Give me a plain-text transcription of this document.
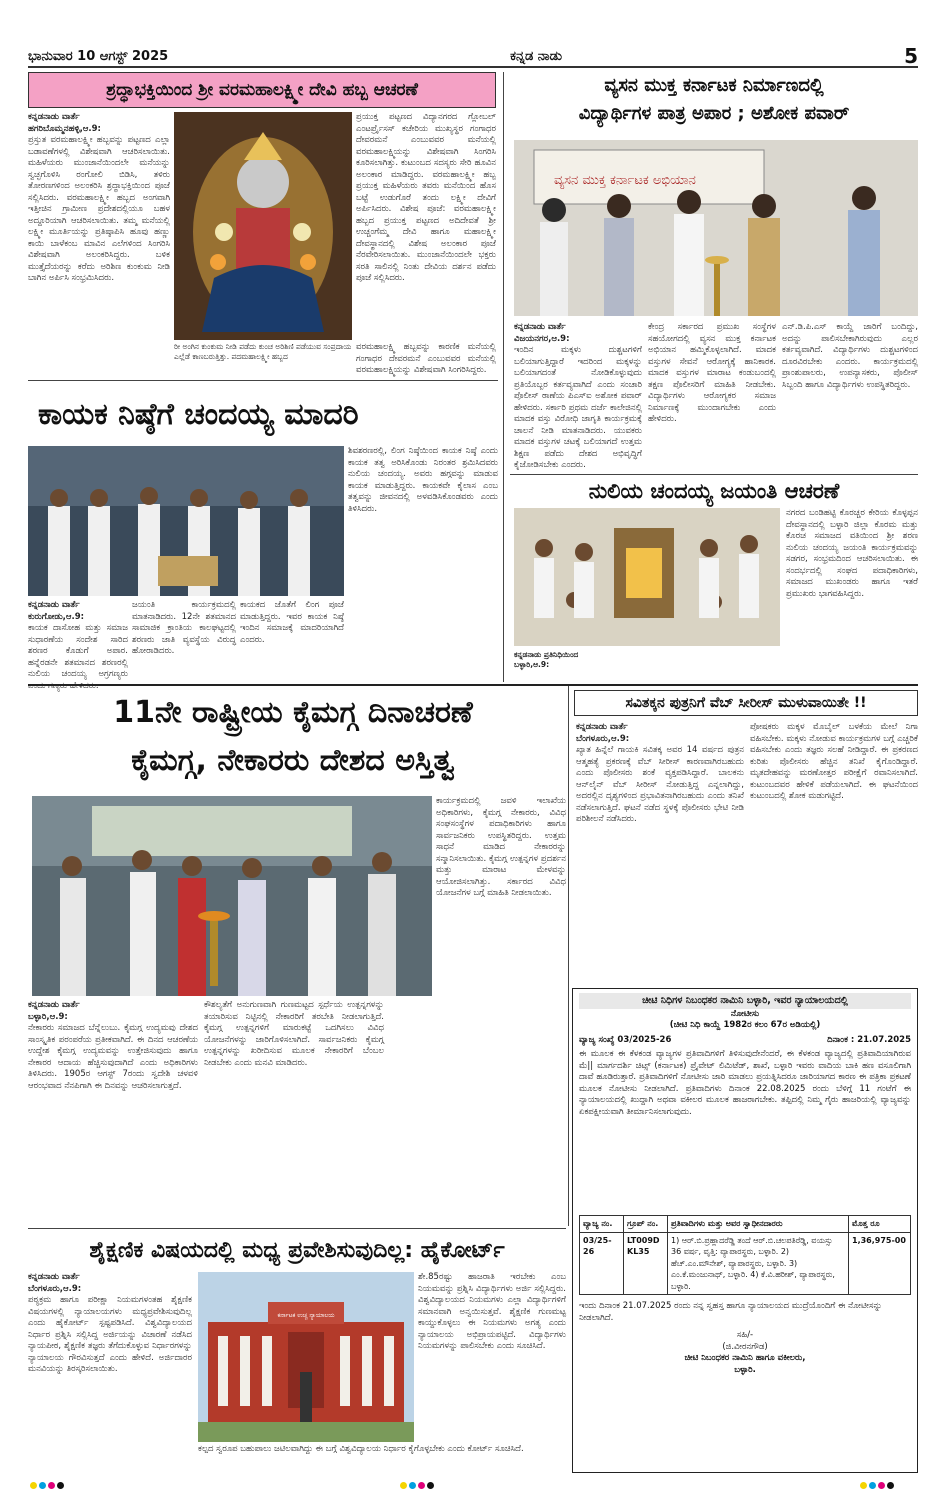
ಭಾನುವಾರ 10 ಆಗಸ್ಟ್ 2025	ಕನ್ನಡ ನಾಡು	5
ಶ್ರದ್ಧಾಭಕ್ತಿಯಿಂದ ಶ್ರೀ ವರಮಹಾಲಕ್ಷ್ಮೀ ದೇವಿ ಹಬ್ಬ ಆಚರಣೆ
ಕನ್ನಡನಾಡು ವಾರ್ತೆ
ಹಗರಿಬೊಮ್ಮನಹಳ್ಳಿ,ಆ.9:
ಪ್ರಸ್ತುತ ವರಮಹಾಲಕ್ಷ್ಮೀ ಹಬ್ಬವನ್ನು ಪಟ್ಟಣದ ಎಲ್ಲಾ ಬಡಾವಣೆಗಳಲ್ಲಿ ವಿಶೇಷವಾಗಿ ಆಚರಿಸಲಾಯಿತು. ಮಹಿಳೆಯರು ಮುಂಜಾನೆಯಿಂದಲೇ ಮನೆಯನ್ನು ಸ್ವಚ್ಛಗೊಳಿಸಿ ರಂಗೋಲಿ ಬಿಡಿಸಿ, ತಳಿರು ತೋರಣಗಳಿಂದ ಅಲಂಕರಿಸಿ ಶ್ರದ್ಧಾಭಕ್ತಿಯಿಂದ ಪೂಜೆ ಸಲ್ಲಿಸಿದರು. ವರಮಹಾಲಕ್ಷ್ಮೀ ಹಬ್ಬದ ಅಂಗವಾಗಿ ಇತ್ತೀಚಿನ ಗ್ರಾಮೀಣ ಪ್ರದೇಶದಲ್ಲಿಯೂ ಬಹಳ ಅದ್ದೂರಿಯಾಗಿ ಆಚರಿಸಲಾಯಿತು. ತಮ್ಮ ಮನೆಯಲ್ಲಿ ಲಕ್ಷ್ಮೀ ಮೂರ್ತಿಯನ್ನು ಪ್ರತಿಷ್ಠಾಪಿಸಿ ಹೂವು ಹಣ್ಣು ಕಾಯಿ ಬಾಳೆಕಂಬ ಮಾವಿನ ಎಲೆಗಳಿಂದ ಸಿಂಗರಿಸಿ ವಿಶೇಷವಾಗಿ ಅಲಂಕರಿಸಿದ್ದರು. ಬಳಿಕ ಮುತ್ತೈದೆಯರನ್ನು ಕರೆದು ಅರಿಶಿಣ ಕುಂಕುಮ ನೀಡಿ ಬಾಗಿನ ಅರ್ಪಿಸಿ ಸಂಭ್ರಮಿಸಿದರು.
ಪ್ರಯುಕ್ತ ಪಟ್ಟಣದ ವಿದ್ಯಾನಗರದ ಗ್ಲೋಬಲ್ ಎಂಟರ್ಪ್ರೈಸಸ್ ಕಚೇರಿಯ ಮುಖ್ಯಸ್ಥರ ಗಂಗಾಧರ ದೇವರಮನೆ ಎಂಬುವವರ ಮನೆಯಲ್ಲಿ ವರಮಹಾಲಕ್ಷ್ಮಿಯನ್ನು ವಿಶೇಷವಾಗಿ ಸಿಂಗರಿಸಿ ಕೂರಿಸಲಾಗಿತ್ತು. ಕುಟುಂಬದ ಸದಸ್ಯರು ಸೇರಿ ಹೂವಿನ ಅಲಂಕಾರ ಮಾಡಿದ್ದರು. ವರಮಹಾಲಕ್ಷ್ಮೀ ಹಬ್ಬ ಪ್ರಯುಕ್ತ ಮಹಿಳೆಯರು ತವರು ಮನೆಯಿಂದ ಹೊಸ ಬಟ್ಟೆ ಉಡುಗೊರೆ ತಂದು ಲಕ್ಷ್ಮೀ ದೇವಿಗೆ ಅರ್ಪಿಸಿದರು. ವಿಶೇಷ ಪೂಜೆ: ವರಮಹಾಲಕ್ಷ್ಮೀ ಹಬ್ಬದ ಪ್ರಯುಕ್ತ ಪಟ್ಟಣದ ಅದಿದೇವತೆ ಶ್ರೀ ಉಚ್ಚಂಗೆಮ್ಮ ದೇವಿ ಹಾಗೂ ಮಹಾಲಕ್ಷ್ಮೀ ದೇವಸ್ಥಾನದಲ್ಲಿ ವಿಶೇಷ ಅಲಂಕಾರ ಪೂಜೆ ನೆರವೇರಿಸಲಾಯಿತು. ಮುಂಜಾನೆಯಿಂದಲೇ ಭಕ್ತರು ಸರತಿ ಸಾಲಿನಲ್ಲಿ ನಿಂತು ದೇವಿಯ ದರ್ಶನ ಪಡೆದು ಪೂಜೆ ಸಲ್ಲಿಸಿದರು.
ರೀ ಅಂಗಿನ ಕುಂಕುಮ ನೀಡಿ ಪಡೆದು ಕುಂಚ ಅರಿಶಿಣಿ ಪಡೆಯುವ ಸಂಪ್ರದಾಯ ಎಲ್ಲೆಡೆ ಕಾಣಬರುತ್ತಿತ್ತು. ಪದಮಹಾಲಕ್ಷ್ಮೀ ಹಬ್ಬದ
ವರಮಹಾಲಕ್ಷ್ಮಿ ಹಬ್ಬವನ್ನು ಕಾರಣಿಕ ಮನೆಯಲ್ಲಿ ಗಂಗಾಧರ ದೇವರಮನೆ ಎಂಬುವವರ ಮನೆಯಲ್ಲಿ ವರಮಹಾಲಕ್ಷ್ಮಿಯನ್ನು ವಿಶೇಷವಾಗಿ ಸಿಂಗರಿಸಿದ್ದರು.
ವ್ಯಸನ ಮುಕ್ತ ಕರ್ನಾಟಕ ನಿರ್ಮಾಣದಲ್ಲಿ
ವಿದ್ಯಾರ್ಥಿಗಳ ಪಾತ್ರ ಅಪಾರ ; ಅಶೋಕ ಪವಾರ್
ವ್ಯಸನ ಮುಕ್ತ ಕರ್ನಾಟಕ ಅಭಿಯಾನ
ಕನ್ನಡನಾಡು ವಾರ್ತೆ
ವಿಜಯನಗರ,ಆ.9:
ಇಂದಿನ ಮಕ್ಕಳು ದುಶ್ಚಟಗಳಿಗೆ ಬಲಿಯಾಗುತ್ತಿದ್ದಾರೆ ಇದರಿಂದ ಮಕ್ಕಳನ್ನು ಬಲಿಯಾಗದಂತೆ ನೋಡಿಕೊಳ್ಳುವುದು ಪ್ರತಿಯೊಬ್ಬರ ಕರ್ತವ್ಯವಾಗಿದೆ ಎಂದು ಸಂಚಾರಿ ಪೊಲೀಸ್ ಠಾಣೆಯ ಪಿಎಸ್ಐ ಅಶೋಕ ಪವಾರ್ ಹೇಳಿದರು. ಸರ್ಕಾರಿ ಪ್ರಥಮ ದರ್ಜೆ ಕಾಲೇಜಿನಲ್ಲಿ ಮಾದಕ ವಸ್ತು ವಿರೋಧಿ ಜಾಗೃತಿ ಕಾರ್ಯಕ್ರಮಕ್ಕೆ ಚಾಲನೆ ನೀಡಿ ಮಾತನಾಡಿದರು. ಯುವಕರು ಮಾದಕ ವಸ್ತುಗಳ ಚಟಕ್ಕೆ ಬಲಿಯಾಗದೆ ಉತ್ತಮ ಶಿಕ್ಷಣ ಪಡೆದು ದೇಶದ ಅಭಿವೃದ್ಧಿಗೆ ಕೈಜೋಡಿಸಬೇಕು ಎಂದರು.
ಕೇಂದ್ರ ಸರ್ಕಾರದ ಪ್ರಮುಖ ಸಂಸ್ಥೆಗಳ ಸಹಯೋಗದಲ್ಲಿ ವ್ಯಸನ ಮುಕ್ತ ಕರ್ನಾಟಕ ಅಭಿಯಾನ ಹಮ್ಮಿಕೊಳ್ಳಲಾಗಿದೆ. ಮಾದಕ ವಸ್ತುಗಳ ಸೇವನೆ ಆರೋಗ್ಯಕ್ಕೆ ಹಾನಿಕಾರಕ. ಮಾದಕ ವಸ್ತುಗಳ ಮಾರಾಟ ಕಂಡುಬಂದಲ್ಲಿ ತಕ್ಷಣ ಪೊಲೀಸರಿಗೆ ಮಾಹಿತಿ ನೀಡಬೇಕು. ವಿದ್ಯಾರ್ಥಿಗಳು ಆರೋಗ್ಯಕರ ಸಮಾಜ ನಿರ್ಮಾಣಕ್ಕೆ ಮುಂದಾಗಬೇಕು ಎಂದು ಹೇಳಿದರು.
ಎನ್.ಡಿ.ಪಿ.ಎಸ್ ಕಾಯ್ದೆ ಜಾರಿಗೆ ಬಂದಿದ್ದು, ಅದನ್ನು ಪಾಲಿಸಬೇಕಾಗಿರುವುದು ಎಲ್ಲರ ಕರ್ತವ್ಯವಾಗಿದೆ. ವಿದ್ಯಾರ್ಥಿಗಳು ದುಶ್ಚಟಗಳಿಂದ ದೂರವಿರಬೇಕು ಎಂದರು. ಕಾರ್ಯಕ್ರಮದಲ್ಲಿ ಪ್ರಾಂಶುಪಾಲರು, ಉಪನ್ಯಾಸಕರು, ಪೊಲೀಸ್ ಸಿಬ್ಬಂದಿ ಹಾಗೂ ವಿದ್ಯಾರ್ಥಿಗಳು ಉಪಸ್ಥಿತರಿದ್ದರು.
ಕಾಯಕ ನಿಷ್ಠೆಗೆ ಚಂದಯ್ಯ ಮಾದರಿ
ಶಿವಶರಣರಲ್ಲಿ, ಲಿಂಗ ನಿಷ್ಠೆಯಿಂದ ಕಾಯಕ ನಿಷ್ಠೆ ಎಂದು ಕಾಯಕ ತತ್ವ ಅರಿಸಿಕೊಂಡು ನಿರಂತರ ಶ್ರಮಿಸಿದವರು ನುಲಿಯ ಚಂದಯ್ಯ. ಅವರು ಹಗ್ಗವನ್ನು ಮಾಡುವ ಕಾಯಕ ಮಾಡುತ್ತಿದ್ದರು. ಕಾಯಕವೇ ಕೈಲಾಸ ಎಂಬ ತತ್ವವನ್ನು ಜೀವನದಲ್ಲಿ ಅಳವಡಿಸಿಕೊಂಡವರು ಎಂದು ತಿಳಿಸಿದರು.
ಕನ್ನಡನಾಡು ವಾರ್ತೆ
ಕುರುಗೋಡು,ಆ.9:
ಕಾಯಕ ದಾಸೋಹ ಮತ್ತು ಸಮಾಜ ಸುಧಾರಣೆಯ ಸಂದೇಶ ಸಾರಿದ ಶರಣರ ಕೊಡುಗೆ ಅಪಾರ. ಹನ್ನೆರಡನೇ ಶತಮಾನದ ಶರಣರಲ್ಲಿ ನುಲಿಯ ಚಂದಯ್ಯ ಅಗ್ರಗಣ್ಯರು
ಜಯಂತಿ ಕಾರ್ಯಕ್ರಮದಲ್ಲಿ ಮಾತನಾಡಿದರು. 12ನೇ ಶತಮಾನದ ಸಾಮಾಜಿಕ ಕ್ರಾಂತಿಯ ಕಾಲಘಟ್ಟದಲ್ಲಿ ಶರಣರು ಜಾತಿ ವ್ಯವಸ್ಥೆಯ ವಿರುದ್ಧ ಹೋರಾಡಿದರು.
ಕಾಯಕದ ಜೊತೆಗೆ ಲಿಂಗ ಪೂಜೆ ಮಾಡುತ್ತಿದ್ದರು. ಇವರ ಕಾಯಕ ನಿಷ್ಠೆ ಇಂದಿನ ಸಮಾಜಕ್ಕೆ ಮಾದರಿಯಾಗಿದೆ ಎಂದರು.
ನುಲಿಯ ಚಂದಯ್ಯ ಜಯಂತಿ ಆಚರಣೆ
ನಗರದ ಬಂಡಿಹಟ್ಟಿ ಕೊರಚ್ಚರ ಕೇರಿಯ ಕೊಳ್ಳಪ್ಪನ ದೇವಸ್ಥಾನದಲ್ಲಿ ಬಳ್ಳಾರಿ ಜಿಲ್ಲಾ ಕೊರಮ ಮತ್ತು ಕೊರಚ ಸಮಾಜದ ವತಿಯಿಂದ ಶ್ರೀ ಶರಣ ನುಲಿಯ ಚಂದಯ್ಯ ಜಯಂತಿ ಕಾರ್ಯಕ್ರಮವನ್ನು ಸಡಗರ, ಸಂಭ್ರಮದಿಂದ ಆಚರಿಸಲಾಯಿತು. ಈ ಸಂದರ್ಭದಲ್ಲಿ ಸಂಘದ ಪದಾಧಿಕಾರಿಗಳು, ಸಮಾಜದ ಮುಖಂಡರು ಹಾಗೂ ಇತರೆ ಪ್ರಮುಖರು ಭಾಗವಹಿಸಿದ್ದರು.
ಕನ್ನಡನಾಡು ಪ್ರತಿನಿಧಿಯಿಂದ
ಬಳ್ಳಾರಿ,ಆ.9:
11ನೇ ರಾಷ್ಟ್ರೀಯ ಕೈಮಗ್ಗ ದಿನಾಚರಣೆ
ಕೈಮಗ್ಗ, ನೇಕಾರರು ದೇಶದ ಅಸ್ತಿತ್ವ
ಕಾರ್ಯಕ್ರಮದಲ್ಲಿ ಜವಳಿ ಇಲಾಖೆಯ ಅಧಿಕಾರಿಗಳು, ಕೈಮಗ್ಗ ನೇಕಾರರು, ವಿವಿಧ ಸಂಘಸಂಸ್ಥೆಗಳ ಪದಾಧಿಕಾರಿಗಳು ಹಾಗೂ ಸಾರ್ವಜನಿಕರು ಉಪಸ್ಥಿತರಿದ್ದರು. ಉತ್ತಮ ಸಾಧನೆ ಮಾಡಿದ ನೇಕಾರರನ್ನು ಸನ್ಮಾನಿಸಲಾಯಿತು. ಕೈಮಗ್ಗ ಉತ್ಪನ್ನಗಳ ಪ್ರದರ್ಶನ ಮತ್ತು ಮಾರಾಟ ಮೇಳವನ್ನು ಆಯೋಜಿಸಲಾಗಿತ್ತು. ಸರ್ಕಾರದ ವಿವಿಧ ಯೋಜನೆಗಳ ಬಗ್ಗೆ ಮಾಹಿತಿ ನೀಡಲಾಯಿತು.
ಕನ್ನಡನಾಡು ವಾರ್ತೆ
ಬಳ್ಳಾರಿ,ಆ.9:
ನೇಕಾರರು ಸಮಾಜದ ಬೆನ್ನೆಲುಬು. ಕೈಮಗ್ಗ ಉದ್ಯಮವು ದೇಶದ ಸಾಂಸ್ಕೃತಿಕ ಪರಂಪರೆಯ ಪ್ರತೀಕವಾಗಿದೆ. ಈ ದಿನದ ಆಚರಣೆಯ ಉದ್ದೇಶ ಕೈಮಗ್ಗ ಉದ್ಯಮವನ್ನು ಉತ್ತೇಜಿಸುವುದು ಹಾಗೂ ನೇಕಾರರ ಆದಾಯ ಹೆಚ್ಚಿಸುವುದಾಗಿದೆ ಎಂದು ಅಧಿಕಾರಿಗಳು ತಿಳಿಸಿದರು. 1905ರ ಆಗಸ್ಟ್ 7ರಂದು ಸ್ವದೇಶಿ ಚಳವಳಿ ಆರಂಭವಾದ ನೆನಪಿಗಾಗಿ ಈ ದಿನವನ್ನು ಆಚರಿಸಲಾಗುತ್ತದೆ.
ಕೌಶಲ್ಯತೆಗೆ ಅನುಗುಣವಾಗಿ ಗುಣಮಟ್ಟದ ಸ್ಪರ್ಧೆಯ ಉತ್ಪನ್ನಗಳನ್ನು ತಯಾರಿಸುವ ನಿಟ್ಟಿನಲ್ಲಿ ನೇಕಾರರಿಗೆ ತರಬೇತಿ ನೀಡಲಾಗುತ್ತಿದೆ. ಕೈಮಗ್ಗ ಉತ್ಪನ್ನಗಳಿಗೆ ಮಾರುಕಟ್ಟೆ ಒದಗಿಸಲು ವಿವಿಧ ಯೋಜನೆಗಳನ್ನು ಜಾರಿಗೊಳಿಸಲಾಗಿದೆ. ಸಾರ್ವಜನಿಕರು ಕೈಮಗ್ಗ ಉತ್ಪನ್ನಗಳನ್ನು ಖರೀದಿಸುವ ಮೂಲಕ ನೇಕಾರರಿಗೆ ಬೆಂಬಲ ನೀಡಬೇಕು ಎಂದು ಮನವಿ ಮಾಡಿದರು.
ಸವಿತಕ್ಕನ ಪುತ್ರನಿಗೆ ವೆಬ್ ಸೀರೀಸ್ ಮುಳುವಾಯಿತೇ !!
ಕನ್ನಡನಾಡು ವಾರ್ತೆ
ಬೆಂಗಳೂರು,ಆ.9:
ಖ್ಯಾತ ಹಿನ್ನೆಲೆ ಗಾಯಕಿ ಸವಿತಕ್ಕ ಅವರ 14 ವರ್ಷದ ಪುತ್ರನ ಆತ್ಮಹತ್ಯೆ ಪ್ರಕರಣಕ್ಕೆ ವೆಬ್ ಸೀರೀಸ್ ಕಾರಣವಾಗಿರಬಹುದು ಎಂದು ಪೊಲೀಸರು ಶಂಕೆ ವ್ಯಕ್ತಪಡಿಸಿದ್ದಾರೆ. ಬಾಲಕನು ಆನ್‌ಲೈನ್ ವೆಬ್ ಸೀರೀಸ್ ನೋಡುತ್ತಿದ್ದ ಎನ್ನಲಾಗಿದ್ದು, ಅದರಲ್ಲಿನ ದೃಶ್ಯಗಳಿಂದ ಪ್ರಭಾವಿತನಾಗಿರಬಹುದು ಎಂದು ತನಿಖೆ ನಡೆಸಲಾಗುತ್ತಿದೆ. ಘಟನೆ ನಡೆದ ಸ್ಥಳಕ್ಕೆ ಪೊಲೀಸರು ಭೇಟಿ ನೀಡಿ ಪರಿಶೀಲನೆ ನಡೆಸಿದರು.
ಪೋಷಕರು ಮಕ್ಕಳ ಮೊಬೈಲ್ ಬಳಕೆಯ ಮೇಲೆ ನಿಗಾ ವಹಿಸಬೇಕು. ಮಕ್ಕಳು ನೋಡುವ ಕಾರ್ಯಕ್ರಮಗಳ ಬಗ್ಗೆ ಎಚ್ಚರಿಕೆ ವಹಿಸಬೇಕು ಎಂದು ತಜ್ಞರು ಸಲಹೆ ನೀಡಿದ್ದಾರೆ. ಈ ಪ್ರಕರಣದ ಕುರಿತು ಪೊಲೀಸರು ಹೆಚ್ಚಿನ ತನಿಖೆ ಕೈಗೊಂಡಿದ್ದಾರೆ. ಮೃತದೇಹವನ್ನು ಮರಣೋತ್ತರ ಪರೀಕ್ಷೆಗೆ ರವಾನಿಸಲಾಗಿದೆ. ಕುಟುಂಬದವರ ಹೇಳಿಕೆ ಪಡೆಯಲಾಗಿದೆ. ಈ ಘಟನೆಯಿಂದ ಕುಟುಂಬದಲ್ಲಿ ಶೋಕ ಮಡುಗಟ್ಟಿದೆ.
ಚೀಟಿ ನಿಧಿಗಳ ನಿಬಂಧಕರ ನಾಮಿನಿ ಬಳ್ಳಾರಿ, ಇವರ ನ್ಯಾಯಾಲಯದಲ್ಲಿ
ನೋಟೀಸು
(ಚೀಟಿ ನಿಧಿ ಕಾಯ್ದೆ 1982ರ ಕಲಂ 67ರ ಅಡಿಯಲ್ಲಿ)
ವ್ಯಾಜ್ಯ ಸಂಖ್ಯೆ 03/2025-26	ದಿನಾಂಕ : 21.07.2025
ಈ ಮೂಲಕ ಈ ಕೆಳಕಂಡ ವ್ಯಾಜ್ಯಗಳ ಪ್ರತಿವಾದಿಗಳಿಗೆ ತಿಳಿಸುವುದೇನೆಂದರೆ, ಈ ಕೆಳಕಂಡ ವ್ಯಾಜ್ಯದಲ್ಲಿ ಪ್ರತಿವಾದಿಯಾಗಿರುವ ಮೆ|| ಮಾರ್ಗದರ್ಶಿ ಚಿಟ್ಸ್ (ಕರ್ನಾಟಕ) ಪ್ರೈವೇಟ್ ಲಿಮಿಟೆಡ್, ಶಾಖೆ, ಬಳ್ಳಾರಿ ಇವರು ವಾದಿಯ ಬಾಕಿ ಹಣ ವಸೂಲಿಗಾಗಿ ದಾವೆ ಹೂಡಿರುತ್ತಾರೆ. ಪ್ರತಿವಾದಿಗಳಿಗೆ ನೋಟೀಸು ಜಾರಿ ಮಾಡಲು ಪ್ರಯತ್ನಿಸಿದರೂ ಜಾರಿಯಾಗದ ಕಾರಣ ಈ ಪತ್ರಿಕಾ ಪ್ರಕಟಣೆ ಮೂಲಕ ನೋಟೀಸು ನೀಡಲಾಗಿದೆ. ಪ್ರತಿವಾದಿಗಳು ದಿನಾಂಕ 22.08.2025 ರಂದು ಬೆಳಿಗ್ಗೆ 11 ಗಂಟೆಗೆ ಈ ನ್ಯಾಯಾಲಯದಲ್ಲಿ ಖುದ್ದಾಗಿ ಅಥವಾ ವಕೀಲರ ಮೂಲಕ ಹಾಜರಾಗಬೇಕು. ತಪ್ಪಿದಲ್ಲಿ ನಿಮ್ಮ ಗೈರು ಹಾಜರಿಯಲ್ಲಿ ವ್ಯಾಜ್ಯವನ್ನು ಏಕಪಕ್ಷೀಯವಾಗಿ ತೀರ್ಮಾನಿಸಲಾಗುವುದು.
ವ್ಯಾಜ್ಯ ನಂ.	ಗ್ರೂಪ್ ನಂ.	ಪ್ರತಿವಾದಿಗಳು ಮತ್ತು ಅವರ ಸ್ವಾಧೀನದಾರರು	ಮೊತ್ತ ರೂ
03/25-26	LT009D KL35	1) ಆರ್.ಬಿ.ಪ್ರಹ್ಲಾದರೆಡ್ಡಿ ತಂದೆ ಆರ್.ಬಿ.ಚಲಪತಿರೆಡ್ಡಿ, ವಯಸ್ಸು 36 ವರ್ಷ, ವೃತ್ತಿ: ವ್ಯಾಪಾರಸ್ಥರು, ಬಳ್ಳಾರಿ. 2) ಹೆಚ್.ಎಂ.ಮೌನೇಶ್, ವ್ಯಾಪಾರಸ್ಥರು, ಬಳ್ಳಾರಿ. 3) ಎಂ.ಕೆ.ಮಂಜುನಾಥ್, ಬಳ್ಳಾರಿ. 4) ಕೆ.ವಿ.ಹರೀಶ್, ವ್ಯಾಪಾರಸ್ಥರು, ಬಳ್ಳಾರಿ.	1,36,975-00
ಇಂದು ದಿನಾಂಕ 21.07.2025 ರಂದು ನನ್ನ ಸ್ವಹಸ್ತ ಹಾಗೂ ನ್ಯಾಯಾಲಯದ ಮುದ್ರೆಯೊಂದಿಗೆ ಈ ನೋಟೀಸನ್ನು ನೀಡಲಾಗಿದೆ.
ಸಹಿ/-
(ಜಿ.ವೀರನಗೌಡ)
ಚೀಟಿ ನಿಬಂಧಕರ ನಾಮಿನಿ ಹಾಗೂ ವಕೀಲರು,
ಬಳ್ಳಾರಿ.
ಶೈಕ್ಷಣಿಕ ವಿಷಯದಲ್ಲಿ ಮಧ್ಯ ಪ್ರವೇಶಿಸುವುದಿಲ್ಲ: ಹೈಕೋರ್ಟ್
ಕನ್ನಡನಾಡು ವಾರ್ತೆ
ಬೆಂಗಳೂರು,ಆ.9:
ಪಠ್ಯಕ್ರಮ ಹಾಗೂ ಪರೀಕ್ಷಾ ನಿಯಮಗಳಂತಹ ಶೈಕ್ಷಣಿಕ ವಿಷಯಗಳಲ್ಲಿ ನ್ಯಾಯಾಲಯಗಳು ಮಧ್ಯಪ್ರವೇಶಿಸುವುದಿಲ್ಲ ಎಂದು ಹೈಕೋರ್ಟ್ ಸ್ಪಷ್ಟಪಡಿಸಿದೆ. ವಿಶ್ವವಿದ್ಯಾಲಯದ ನಿರ್ಧಾರ ಪ್ರಶ್ನಿಸಿ ಸಲ್ಲಿಸಿದ್ದ ಅರ್ಜಿಯನ್ನು ವಿಚಾರಣೆ ನಡೆಸಿದ ನ್ಯಾಯಪೀಠ, ಶೈಕ್ಷಣಿಕ ತಜ್ಞರು ತೆಗೆದುಕೊಳ್ಳುವ ನಿರ್ಧಾರಗಳನ್ನು ನ್ಯಾಯಾಲಯ ಗೌರವಿಸುತ್ತದೆ ಎಂದು ಹೇಳಿದೆ. ಅರ್ಜಿದಾರರ ಮನವಿಯನ್ನು ತಿರಸ್ಕರಿಸಲಾಯಿತು.
ಕರ್ನಾಟಕ ಉಚ್ಚ ನ್ಯಾಯಾಲಯ
ಶೇ.85ರಷ್ಟು ಹಾಜರಾತಿ ಇರಬೇಕು ಎಂಬ ನಿಯಮವನ್ನು ಪ್ರಶ್ನಿಸಿ ವಿದ್ಯಾರ್ಥಿಗಳು ಅರ್ಜಿ ಸಲ್ಲಿಸಿದ್ದರು. ವಿಶ್ವವಿದ್ಯಾಲಯದ ನಿಯಮಗಳು ಎಲ್ಲಾ ವಿದ್ಯಾರ್ಥಿಗಳಿಗೆ ಸಮಾನವಾಗಿ ಅನ್ವಯಿಸುತ್ತವೆ. ಶೈಕ್ಷಣಿಕ ಗುಣಮಟ್ಟ ಕಾಯ್ದುಕೊಳ್ಳಲು ಈ ನಿಯಮಗಳು ಅಗತ್ಯ ಎಂದು ನ್ಯಾಯಾಲಯ ಅಭಿಪ್ರಾಯಪಟ್ಟಿದೆ. ವಿದ್ಯಾರ್ಥಿಗಳು ನಿಯಮಗಳನ್ನು ಪಾಲಿಸಬೇಕು ಎಂದು ಸೂಚಿಸಿದೆ.
ಕಲ್ಪದ ಸ್ವರೂಪ ಬಹುಪಾಲು ಜಟಿಲವಾಗಿದ್ದು ಈ ಬಗ್ಗೆ ವಿಶ್ವವಿದ್ಯಾಲಯ ನಿರ್ಧಾರ ಕೈಗೊಳ್ಳಬೇಕು ಎಂದು ಕೋರ್ಟ್ ಸೂಚಿಸಿದೆ.
